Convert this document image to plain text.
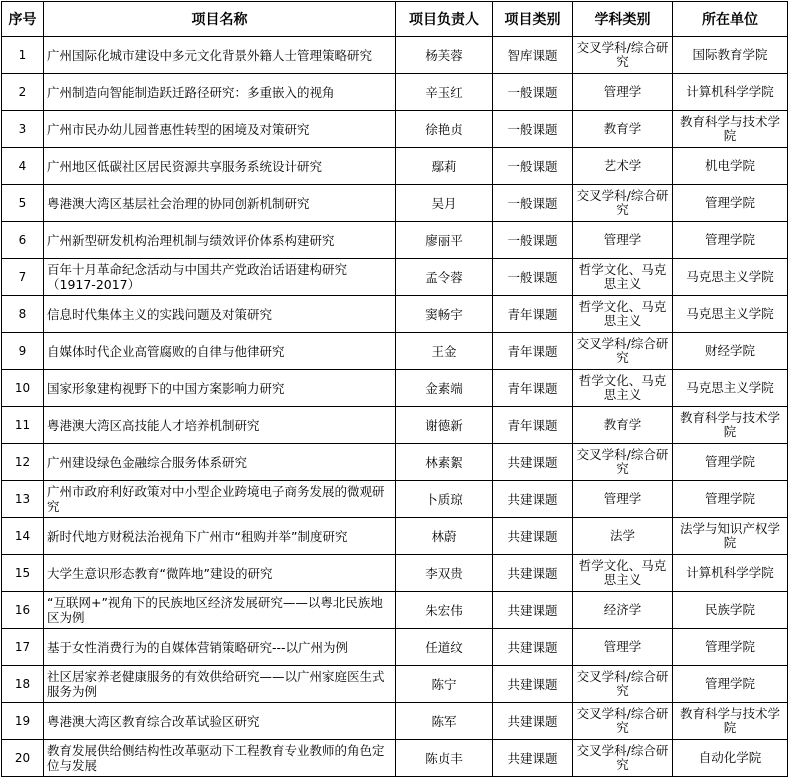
序号	项目名称	项目负责人	项目类别	学科类别	所在单位
1	广州国际化城市建设中多元文化背景外籍人士管理策略研究	杨芙蓉	智库课题	交叉学科/综合研究	国际教育学院
2	广州制造向智能制造跃迁路径研究：多重嵌入的视角	辛玉红	一般课题	管理学	计算机科学学院
3	广州市民办幼儿园普惠性转型的困境及对策研究	徐艳贞	一般课题	教育学	教育科学与技术学院
4	广州地区低碳社区居民资源共享服务系统设计研究	鄢莉	一般课题	艺术学	机电学院
5	粤港澳大湾区基层社会治理的协同创新机制研究	吴月	一般课题	交叉学科/综合研究	管理学院
6	广州新型研发机构治理机制与绩效评价体系构建研究	廖丽平	一般课题	管理学	管理学院
7	百年十月革命纪念活动与中国共产党政治话语建构研究（1917-2017）	孟令蓉	一般课题	哲学文化、马克思主义	马克思主义学院
8	信息时代集体主义的实践问题及对策研究	窦畅宇	青年课题	哲学文化、马克思主义	马克思主义学院
9	自媒体时代企业高管腐败的自律与他律研究	王金	青年课题	交叉学科/综合研究	财经学院
10	国家形象建构视野下的中国方案影响力研究	金素端	青年课题	哲学文化、马克思主义	马克思主义学院
11	粤港澳大湾区高技能人才培养机制研究	谢德新	青年课题	教育学	教育科学与技术学院
12	广州建设绿色金融综合服务体系研究	林素絮	共建课题	交叉学科/综合研究	管理学院
13	广州市政府利好政策对中小型企业跨境电子商务发展的微观研究	卜质琼	共建课题	管理学	管理学院
14	新时代地方财税法治视角下广州市“租购并举”制度研究	林蔚	共建课题	法学	法学与知识产权学院
15	大学生意识形态教育“微阵地”建设的研究	李双贵	共建课题	哲学文化、马克思主义	计算机科学学院
16	“互联网+”视角下的民族地区经济发展研究——以粤北民族地区为例	朱宏伟	共建课题	经济学	民族学院
17	基于女性消费行为的自媒体营销策略研究---以广州为例	任道纹	共建课题	管理学	管理学院
18	社区居家养老健康服务的有效供给研究——以广州家庭医生式服务为例	陈宁	共建课题	交叉学科/综合研究	管理学院
19	粤港澳大湾区教育综合改革试验区研究	陈军	共建课题	交叉学科/综合研究	教育科学与技术学院
20	教育发展供给侧结构性改革驱动下工程教育专业教师的角色定位与发展	陈贞丰	共建课题	交叉学科/综合研究	自动化学院
